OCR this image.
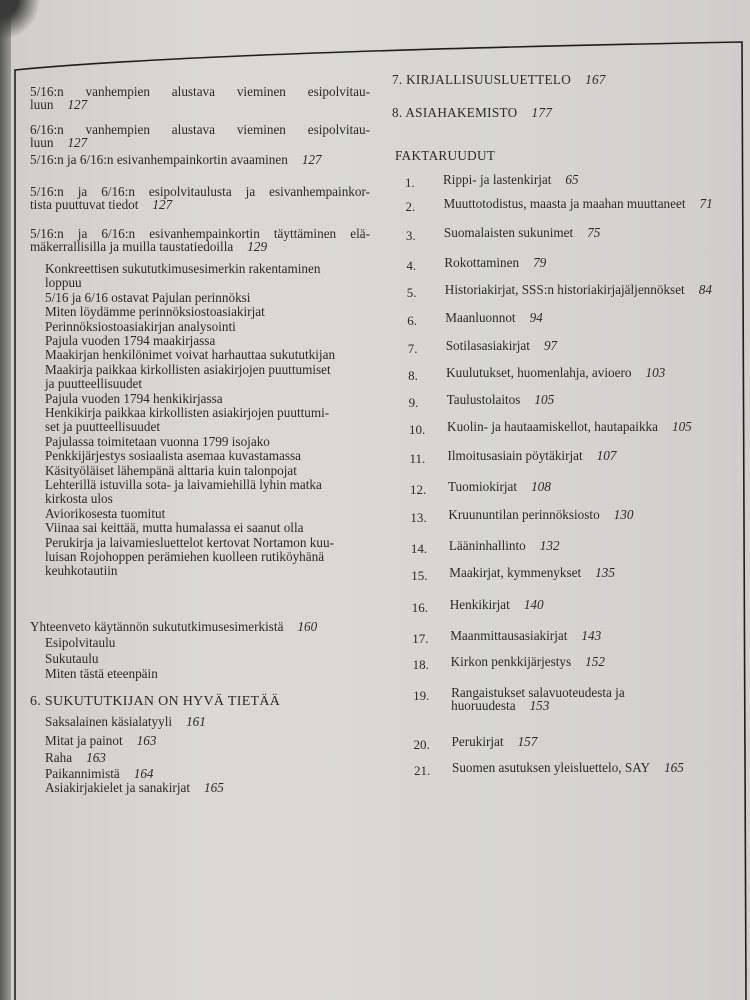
5/16:n vanhempien alustava vieminen esipolvitau-
luun 127
6/16:n vanhempien alustava vieminen esipolvitau-
luun 127
5/16:n ja 6/16:n esivanhempainkortin avaaminen 127
5/16:n ja 6/16:n esipolvitaulusta ja esivanhempainkor-
tista puuttuvat tiedot 127
5/16:n ja 6/16:n esivanhempainkortin täyttäminen elä-
mäkerrallisilla ja muilla taustatiedoilla 129
Konkreettisen sukututkimusesimerkin rakentaminen
loppuu
5/16 ja 6/16 ostavat Pajulan perinnöksi
Miten löydämme perinnöksiostoasiakirjat
Perinnöksiostoasiakirjan analysointi
Pajula vuoden 1794 maakirjassa
Maakirjan henkilönimet voivat harhauttaa sukututkijan
Maakirja paikkaa kirkollisten asiakirjojen puuttumiset
ja puutteellisuudet
Pajula vuoden 1794 henkikirjassa
Henkikirja paikkaa kirkollisten asiakirjojen puuttumi-
set ja puutteellisuudet
Pajulassa toimitetaan vuonna 1799 isojako
Penkkijärjestys sosiaalista asemaa kuvastamassa
Käsityöläiset lähempänä alttaria kuin talonpojat
Lehterillä istuvilla sota- ja laivamiehillä lyhin matka
kirkosta ulos
Aviorikosesta tuomitut
Viinaa sai keittää, mutta humalassa ei saanut olla
Perukirja ja laivamiesluettelot kertovat Nortamon kuu-
luisan Rojohoppen perämiehen kuolleen rutiköyhänä
keuhkotautiin
Yhteenveto käytännön sukututkimusesimerkistä 160
Esipolvitaulu
Sukutaulu
Miten tästä eteenpäin
6. SUKUTUTKIJAN ON HYVÄ TIETÄÄ
Saksalainen käsialatyyli 161
Mitat ja painot 163
Raha 163
Paikannimistä 164
Asiakirjakielet ja sanakirjat 165
7. KIRJALLISUUSLUETTELO 167
8. ASIAHAKEMISTO 177
FAKTARUUDUT
1. Rippi- ja lastenkirjat 65
2. Muuttotodistus, maasta ja maahan muuttaneet 71
3. Suomalaisten sukunimet 75
4. Rokottaminen 79
5. Historiakirjat, SSS:n historiakirjajäljennökset 84
6. Maanluonnot 94
7. Sotilasasiakirjat 97
8. Kuulutukset, huomenlahja, avioero 103
9. Taulustolaitos 105
10. Kuolin- ja hautaamiskellot, hautapaikka 105
11. Ilmoitusasiain pöytäkirjat 107
12. Tuomiokirjat 108
13. Kruununtilan perinnöksiosto 130
14. Lääninhallinto 132
15. Maakirjat, kymmenykset 135
16. Henkikirjat 140
17. Maanmittausasiakirjat 143
18. Kirkon penkkijärjestys 152
19. Rangaistukset salavuoteudesta ja
huoruudesta 153
20. Perukirjat 157
21. Suomen asutuksen yleisluettelo, SAY 165
